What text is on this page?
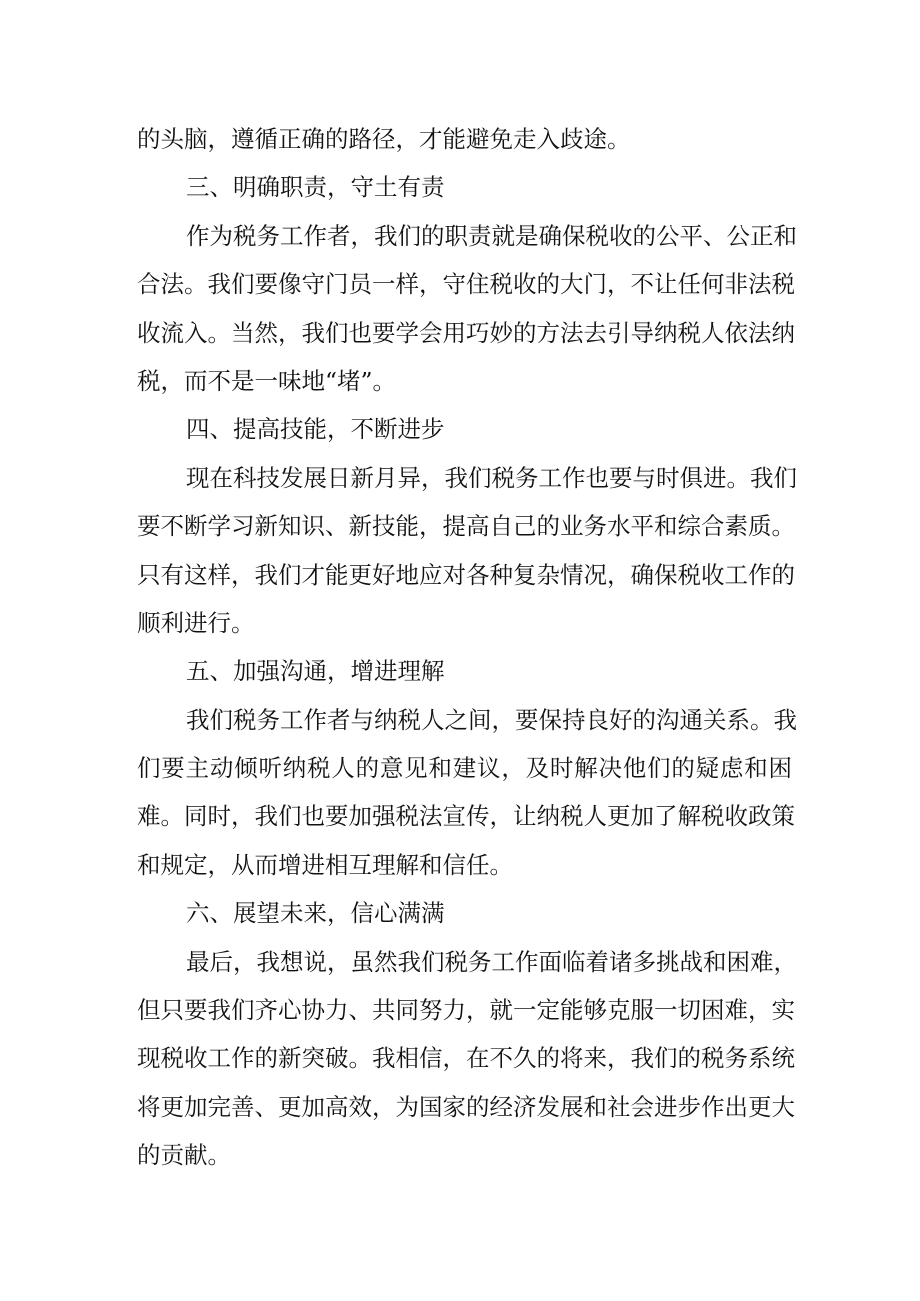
的头脑，遵循正确的路径，才能避免走入歧途。
三、明确职责，守土有责
作为税务工作者，我们的职责就是确保税收的公平、公正和
合法。我们要像守门员一样，守住税收的大门，不让任何非法税
收流入。当然，我们也要学会用巧妙的方法去引导纳税人依法纳
税，而不是一味地“堵”。
四、提高技能，不断进步
现在科技发展日新月异，我们税务工作也要与时俱进。我们
要不断学习新知识、新技能，提高自己的业务水平和综合素质。
只有这样，我们才能更好地应对各种复杂情况，确保税收工作的
顺利进行。
五、加强沟通，增进理解
我们税务工作者与纳税人之间，要保持良好的沟通关系。我
们要主动倾听纳税人的意见和建议，及时解决他们的疑虑和困
难。同时，我们也要加强税法宣传，让纳税人更加了解税收政策
和规定，从而增进相互理解和信任。
六、展望未来，信心满满
最后，我想说，虽然我们税务工作面临着诸多挑战和困难，
但只要我们齐心协力、共同努力，就一定能够克服一切困难，实
现税收工作的新突破。我相信，在不久的将来，我们的税务系统
将更加完善、更加高效，为国家的经济发展和社会进步作出更大
的贡献。
